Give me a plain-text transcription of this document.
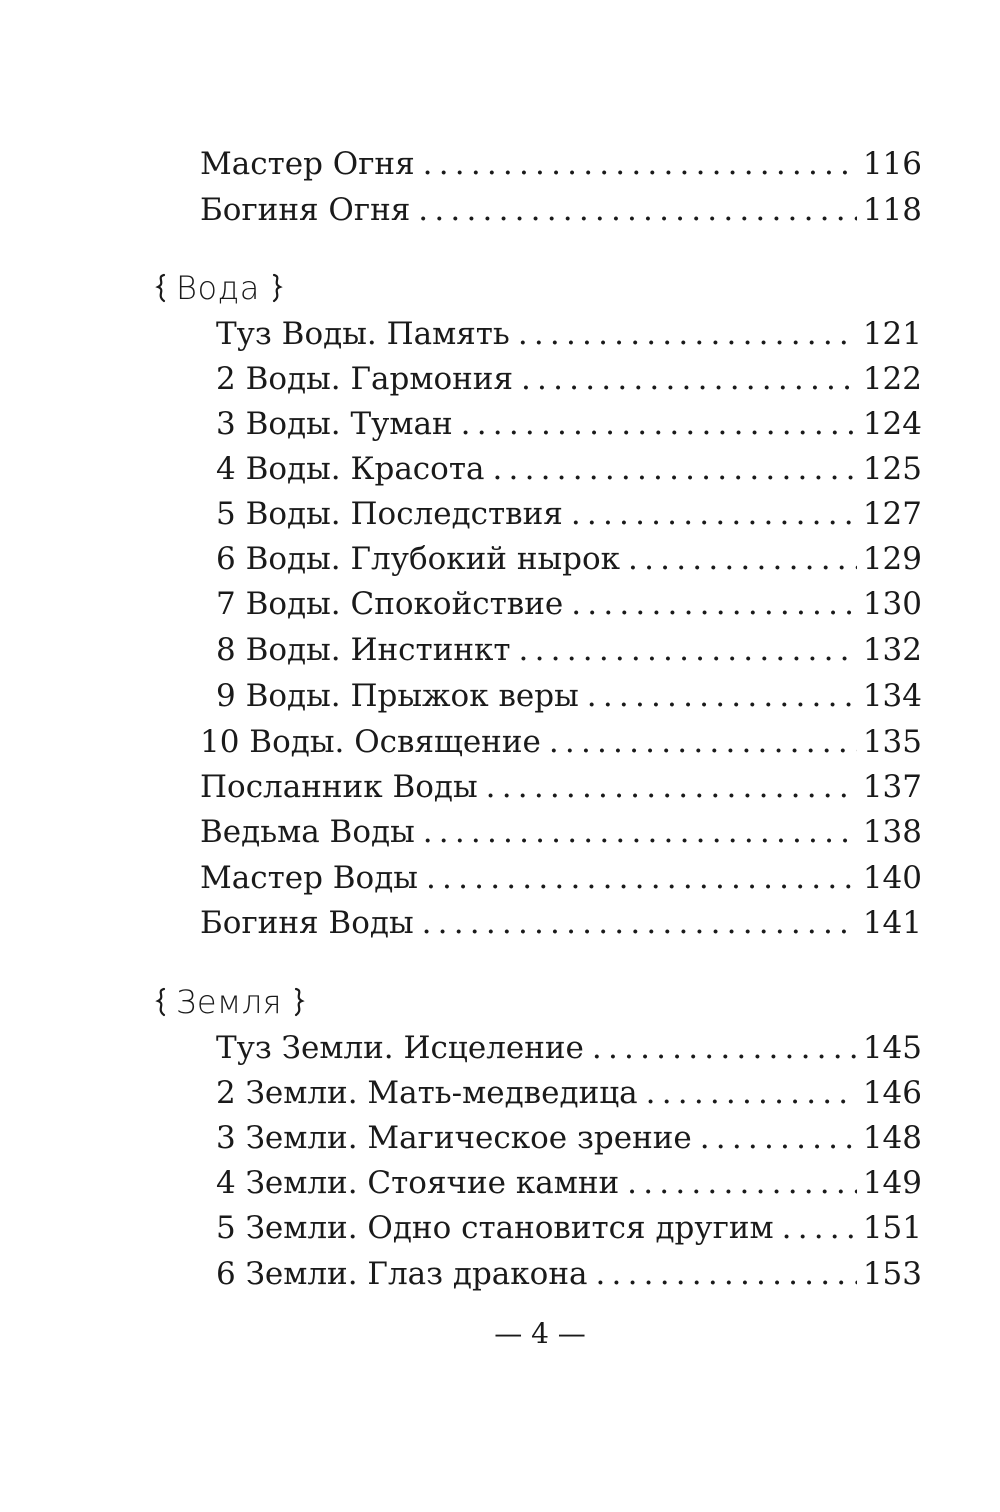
Мастер Огня .....	116
Богиня Огня .....	118
Вода
Туз Воды. Память .....	121
2 Воды. Гармония .....	122
3 Воды. Туман .....	124
4 Воды. Красота .....	125
5 Воды. Последствия .....	127
6 Воды. Глубокий нырок .....	129
7 Воды. Спокойствие .....	130
8 Воды. Инстинкт .....	132
9 Воды. Прыжок веры .....	134
10 Воды. Освящение .....	135
Посланник Воды .....	137
Ведьма Воды .....	138
Мастер Воды .....	140
Богиня Воды .....	141
Земля
Туз Земли. Исцеление .....	145
2 Земли. Мать-медведица .....	146
3 Земли. Магическое зрение .....	148
4 Земли. Стоячие камни .....	149
5 Земли. Одно становится другим .....	151
6 Земли. Глаз дракона .....	153
— 4 —
